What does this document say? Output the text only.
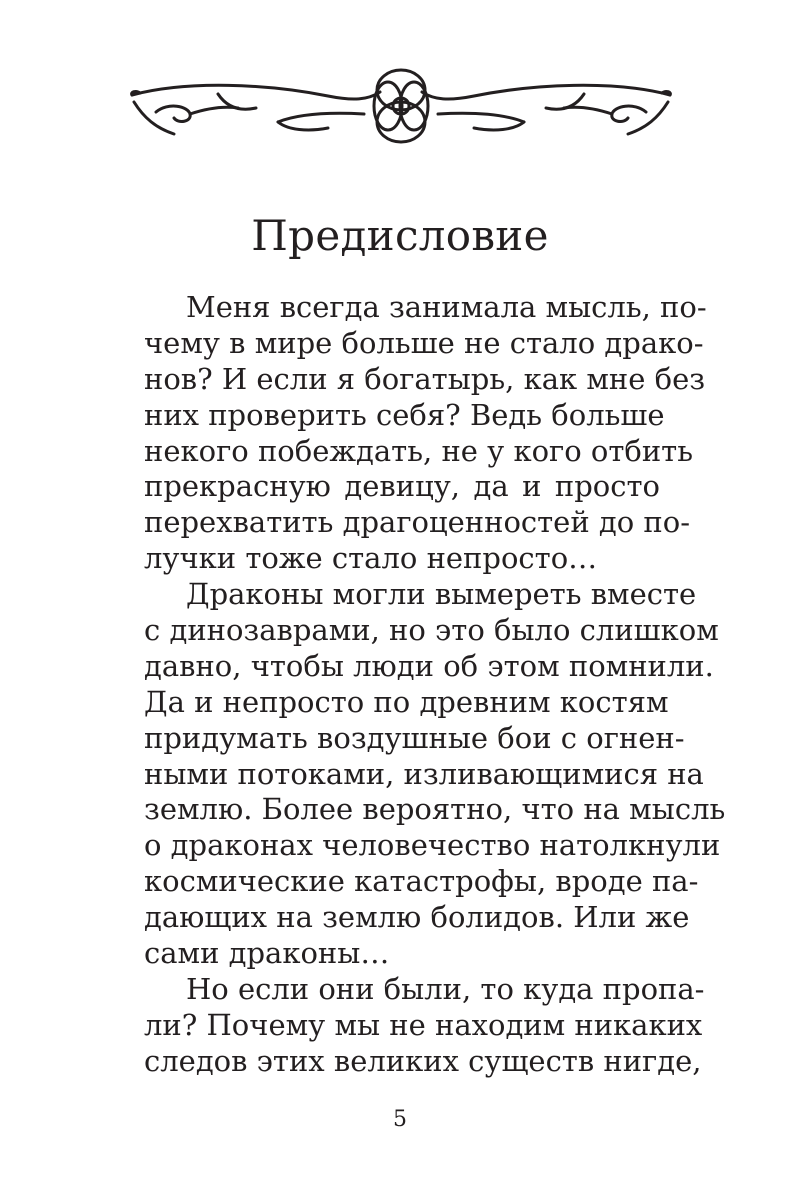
Предисловие
Меня всегда занимала мысль, по-
чему в мире больше не стало драко-
нов? И если я богатырь, как мне без
них проверить себя? Ведь больше
некого побеждать, не у кого отбить
прекрасную девицу, да и просто
перехватить драгоценностей до по-
лучки тоже стало непросто…
Драконы могли вымереть вместе
с динозаврами, но это было слишком
давно, чтобы люди об этом помнили.
Да и непросто по древним костям
придумать воздушные бои с огнен-
ными потоками, изливающимися на
землю. Более вероятно, что на мысль
о драконах человечество натолкнули
космические катастрофы, вроде па-
дающих на землю болидов. Или же
сами драконы…
Но если они были, то куда пропа-
ли? Почему мы не находим никаких
следов этих великих существ нигде,
5
